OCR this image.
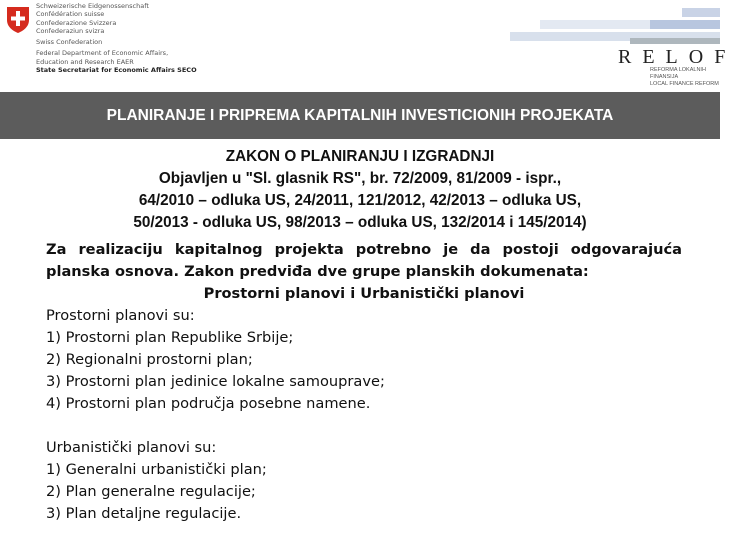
Schweizerische Eidgenossenschaft
Confédération suisse
Confederazione Svizzera
Confederaziun svizra
Swiss Confederation
Federal Department of Economic Affairs,
Education and Research EAER
State Secretariat for Economic Affairs SECO
RELOF
REFORMA LOKALNIH FINANSIJA
LOCAL FINANCE REFORM
PLANIRANJE I PRIPREMA KAPITALNIH INVESTICIONIH PROJEKATA
ZAKON O PLANIRANJU I IZGRADNJI
Objavljen u "Sl. glasnik RS", br. 72/2009, 81/2009 - ispr.,
64/2010 – odluka US, 24/2011, 121/2012, 42/2013 – odluka US,
50/2013 - odluka US, 98/2013 – odluka US, 132/2014 i 145/2014)

Za realizaciju kapitalnog projekta potrebno je da postoji odgovarajuća planska osnova. Zakon predviđa dve grupe planskih dokumenata:

Prostorni planovi i Urbanistički planovi

Prostorni planovi su:
1) Prostorni plan Republike Srbije;
2) Regionalni prostorni plan;
3) Prostorni plan jedinice lokalne samouprave;
4) Prostorni plan područja posebne namene.
Urbanistički planovi su:
1) Generalni urbanistički plan;
2) Plan generalne regulacije;
3) Plan detaljne regulacije.
